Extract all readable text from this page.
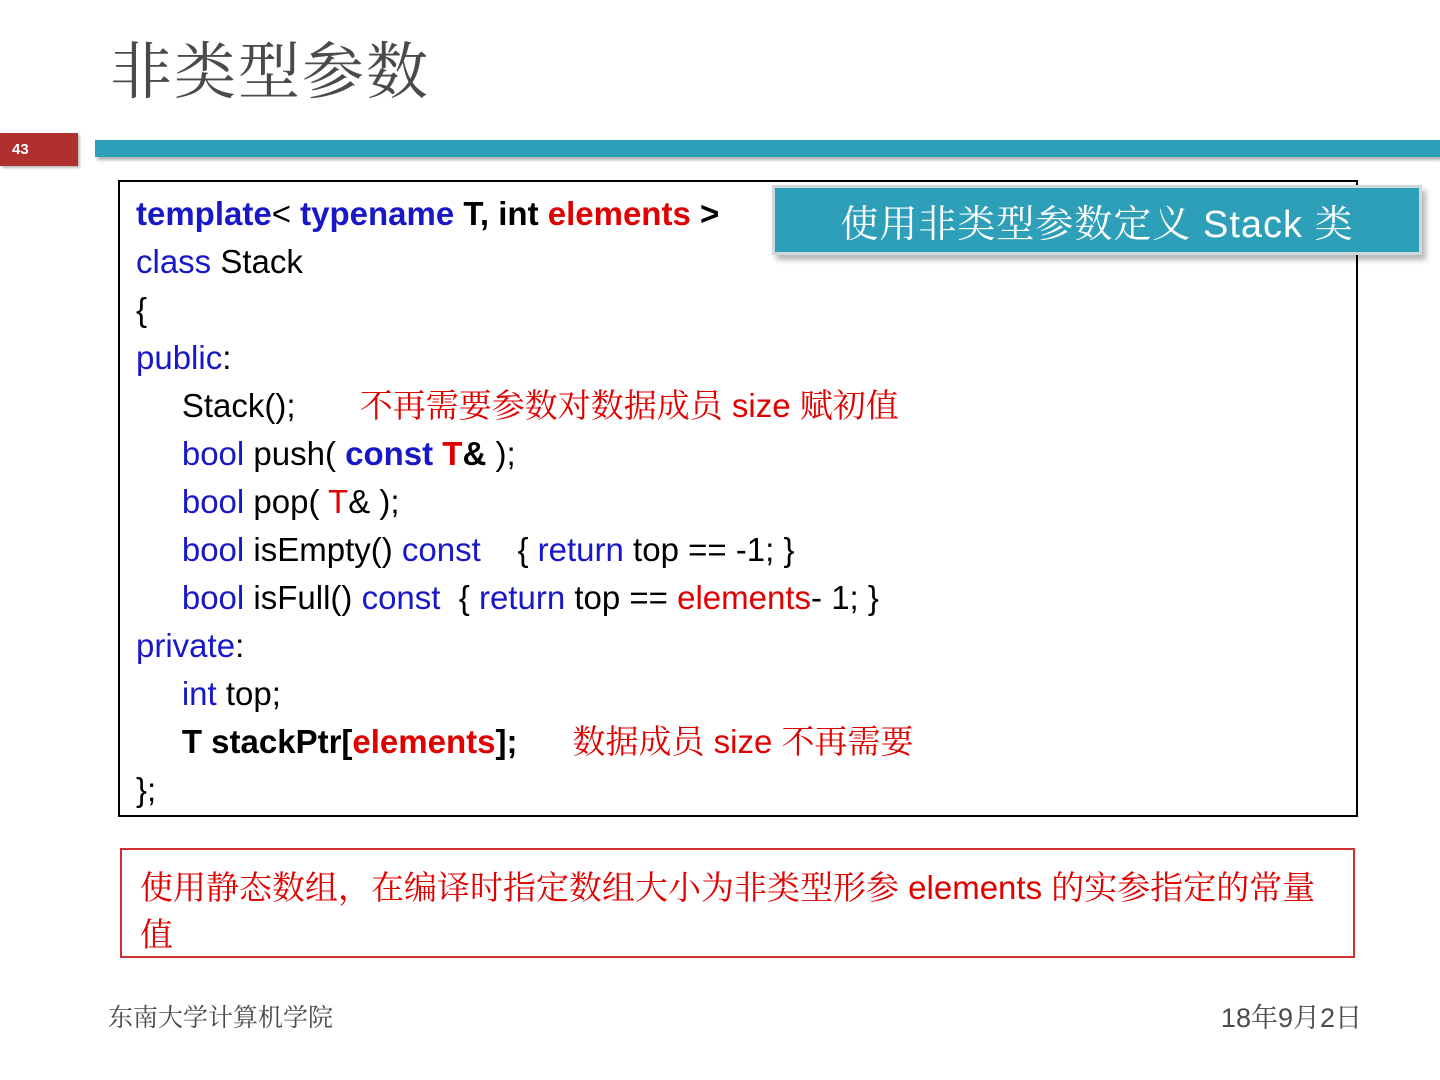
非类型参数
43
template< typename T, int elements >
class Stack
{
public:
Stack();       不再需要参数对数据成员 size 赋初值
bool push( const T& );
bool pop( T& );
bool isEmpty() const    { return top == -1; }
bool isFull() const  { return top == elements- 1; }
private:
int top;
T stackPtr[elements]; 数据成员 size 不再需要
};
使用非类型参数定义 Stack 类
使用静态数组，在编译时指定数组大小为非类型形参 elements 的实参指定的常量值
东南大学计算机学院	18年9月2日
